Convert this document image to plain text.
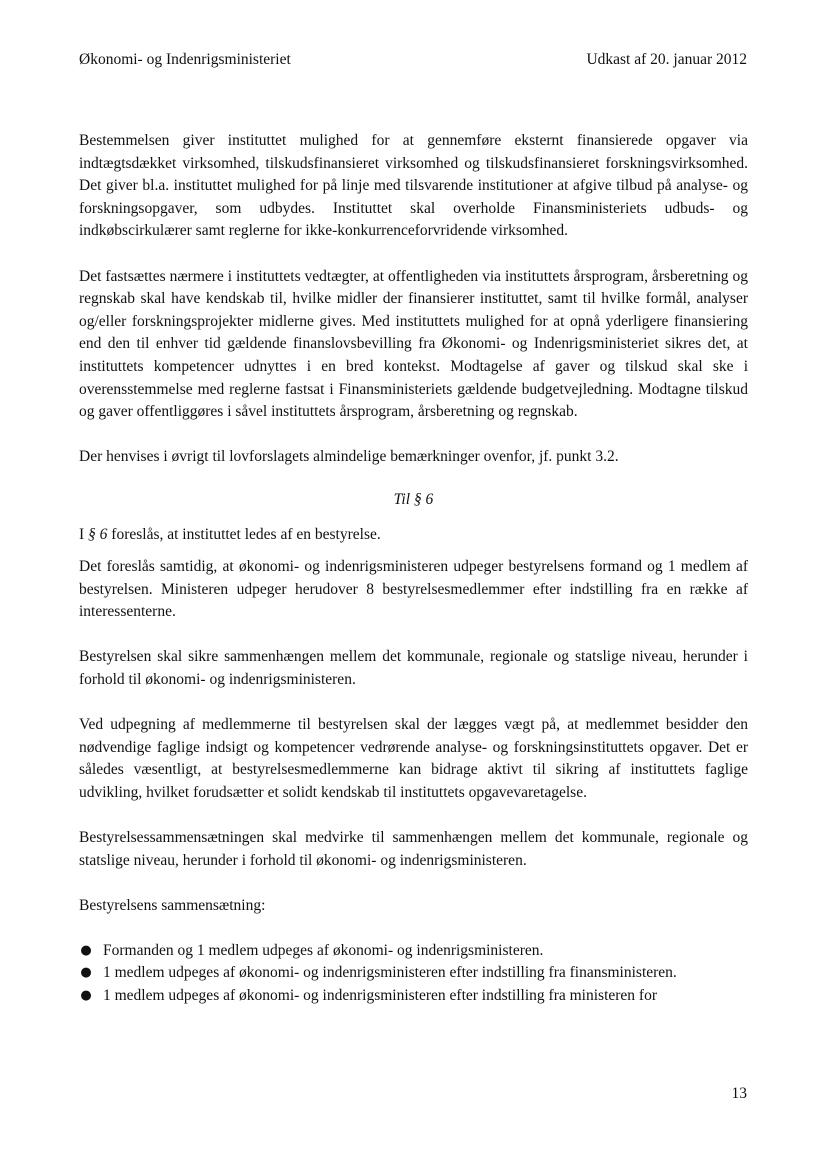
Økonomi- og Indenrigsministeriet	Udkast af 20. januar 2012

Bestemmelsen giver instituttet mulighed for at gennemføre eksternt finansierede opgaver via indtægtsdækket virksomhed, tilskudsfinansieret virksomhed og tilskudsfinansieret forskningsvirksomhed. Det giver bl.a. instituttet mulighed for på linje med tilsvarende institutioner at afgive tilbud på analyse- og forskningsopgaver, som udbydes. Instituttet skal overholde Finansministeriets udbuds- og indkøbscirkulærer samt reglerne for ikke-konkurrenceforvridende virksomhed.

Det fastsættes nærmere i instituttets vedtægter, at offentligheden via instituttets årsprogram, årsberetning og regnskab skal have kendskab til, hvilke midler der finansierer instituttet, samt til hvilke formål, analyser og/eller forskningsprojekter midlerne gives. Med instituttets mulighed for at opnå yderligere finansiering end den til enhver tid gældende finanslovsbevilling fra Økonomi- og Indenrigsministeriet sikres det, at instituttets kompetencer udnyttes i en bred kontekst. Modtagelse af gaver og tilskud skal ske i overensstemmelse med reglerne fastsat i Finansministeriets gældende budgetvejledning. Modtagne tilskud og gaver offentliggøres i såvel instituttets årsprogram, årsberetning og regnskab.

Der henvises i øvrigt til lovforslagets almindelige bemærkninger ovenfor, jf. punkt 3.2.

Til § 6

I § 6 foreslås, at instituttet ledes af en bestyrelse.

Det foreslås samtidig, at økonomi- og indenrigsministeren udpeger bestyrelsens formand og 1 medlem af bestyrelsen. Ministeren udpeger herudover 8 bestyrelsesmedlemmer efter indstilling fra en række af interessenterne.

Bestyrelsen skal sikre sammenhængen mellem det kommunale, regionale og statslige niveau, herunder i forhold til økonomi- og indenrigsministeren.

Ved udpegning af medlemmerne til bestyrelsen skal der lægges vægt på, at medlemmet besidder den nødvendige faglige indsigt og kompetencer vedrørende analyse- og forskningsinstituttets opgaver. Det er således væsentligt, at bestyrelsesmedlemmerne kan bidrage aktivt til sikring af instituttets faglige udvikling, hvilket forudsætter et solidt kendskab til instituttets opgavevaretagelse.

Bestyrelsessammensætningen skal medvirke til sammenhængen mellem det kommunale, regionale og statslige niveau, herunder i forhold til økonomi- og indenrigsministeren.

Bestyrelsens sammensætning:

● Formanden og 1 medlem udpeges af økonomi- og indenrigsministeren.
● 1 medlem udpeges af økonomi- og indenrigsministeren efter indstilling fra finansministeren.
● 1 medlem udpeges af økonomi- og indenrigsministeren efter indstilling fra ministeren for
13
